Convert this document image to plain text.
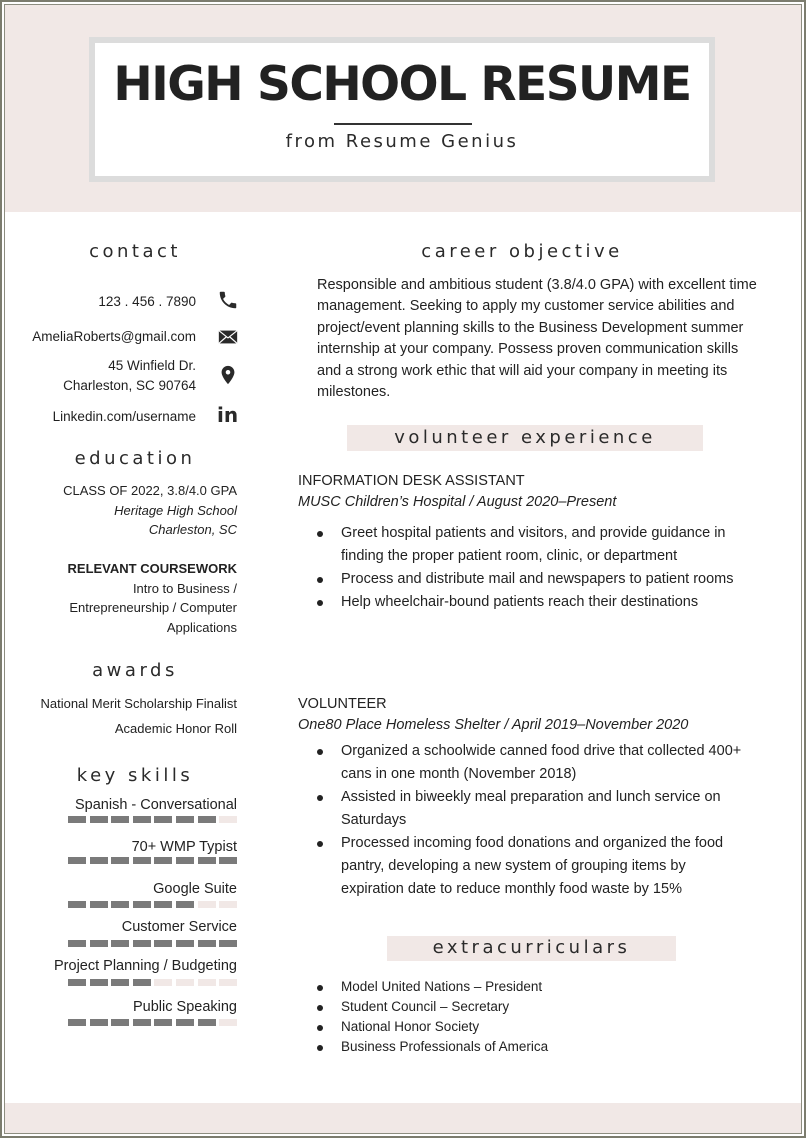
HIGH SCHOOL RESUME
from Resume Genius
contact
123 . 456 . 7890
AmeliaRoberts@gmail.com
45 Winfield Dr.
Charleston, SC 90764
Linkedin.com/username in
education
CLASS OF 2022, 3.8/4.0 GPA
Heritage High School
Charleston, SC
RELEVANT COURSEWORK
Intro to Business /
Entrepreneurship / Computer
Applications
awards
National Merit Scholarship Finalist
Academic Honor Roll
key skills
Spanish - Conversational
70+ WMP Typist
Google Suite
Customer Service
Project Planning / Budgeting
Public Speaking
career objective
Responsible and ambitious student (3.8/4.0 GPA) with excellent time management. Seeking to apply my customer service abilities and project/event planning skills to the Business Development summer internship at your company. Possess proven communication skills and a strong work ethic that will aid your company in meeting its milestones.
volunteer experience
INFORMATION DESK ASSISTANT
MUSC Children’s Hospital / August 2020–Present
Greet hospital patients and visitors, and provide guidance in finding the proper patient room, clinic, or department
Process and distribute mail and newspapers to patient rooms
Help wheelchair-bound patients reach their destinations
VOLUNTEER
One80 Place Homeless Shelter / April 2019–November 2020
Organized a schoolwide canned food drive that collected 400+ cans in one month (November 2018)
Assisted in biweekly meal preparation and lunch service on Saturdays
Processed incoming food donations and organized the food pantry, developing a new system of grouping items by expiration date to reduce monthly food waste by 15%
extracurriculars
Model United Nations – President
Student Council – Secretary
National Honor Society
Business Professionals of America
